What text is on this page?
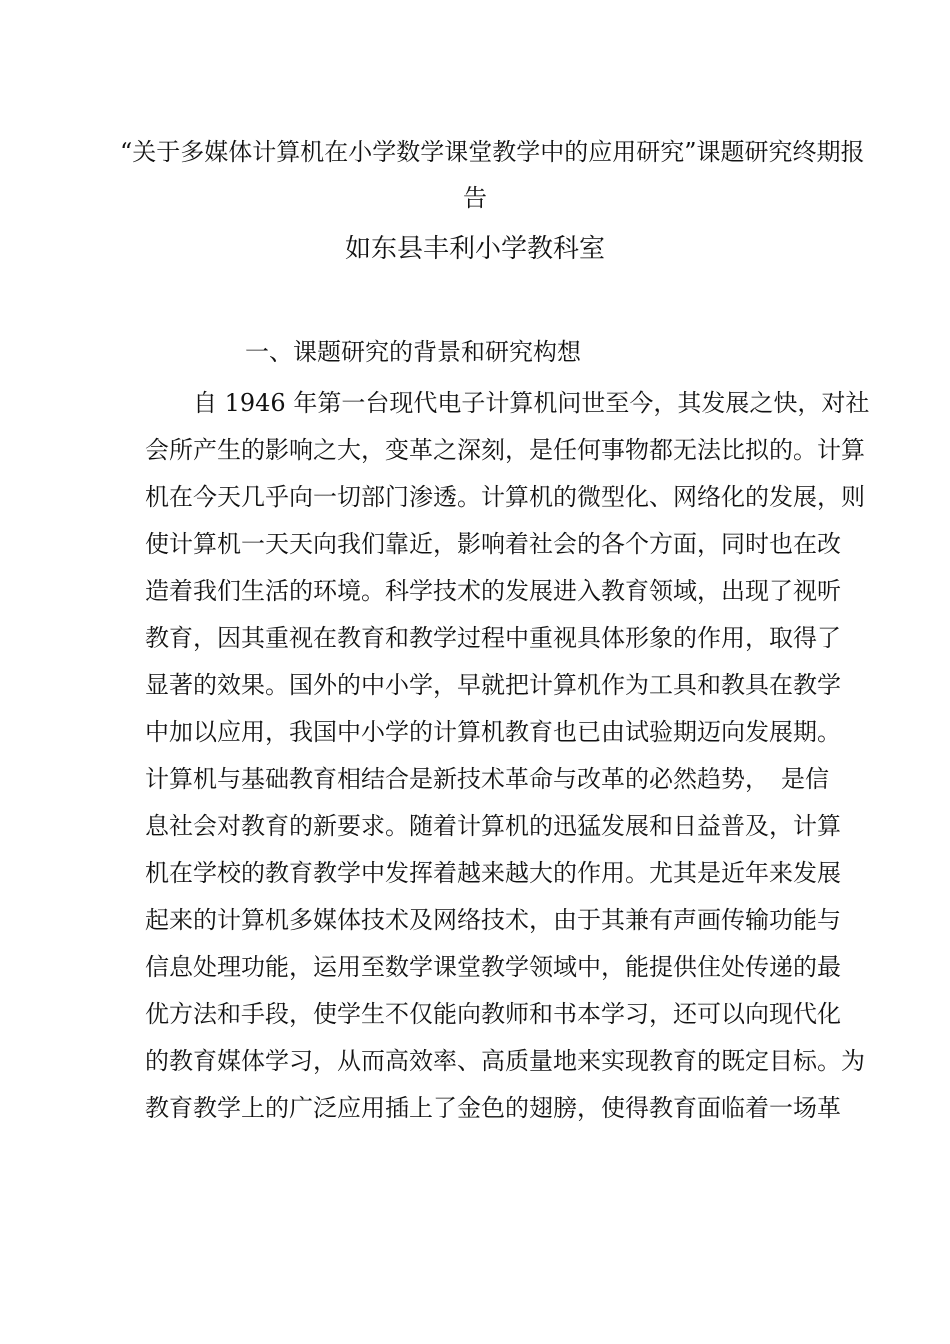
“关于多媒体计算机在小学数学课堂教学中的应用研究”课题研究终期报
告
如东县丰利小学教科室
一、课题研究的背景和研究构想
　　自 1946 年第一台现代电子计算机问世至今，其发展之快，对社
会所产生的影响之大，变革之深刻，是任何事物都无法比拟的。计算
机在今天几乎向一切部门渗透。计算机的微型化、网络化的发展，则
使计算机一天天向我们靠近，影响着社会的各个方面，同时也在改
造着我们生活的环境。科学技术的发展进入教育领域，出现了视听
教育，因其重视在教育和教学过程中重视具体形象的作用，取得了
显著的效果。国外的中小学，早就把计算机作为工具和教具在教学
中加以应用，我国中小学的计算机教育也已由试验期迈向发展期。
计算机与基础教育相结合是新技术革命与改革的必然趋势，　是信
息社会对教育的新要求。随着计算机的迅猛发展和日益普及，计算
机在学校的教育教学中发挥着越来越大的作用。尤其是近年来发展
起来的计算机多媒体技术及网络技术，由于其兼有声画传输功能与
信息处理功能，运用至数学课堂教学领域中，能提供住处传递的最
优方法和手段，使学生不仅能向教师和书本学习，还可以向现代化
的教育媒体学习，从而高效率、高质量地来实现教育的既定目标。为
教育教学上的广泛应用插上了金色的翅膀，使得教育面临着一场革
